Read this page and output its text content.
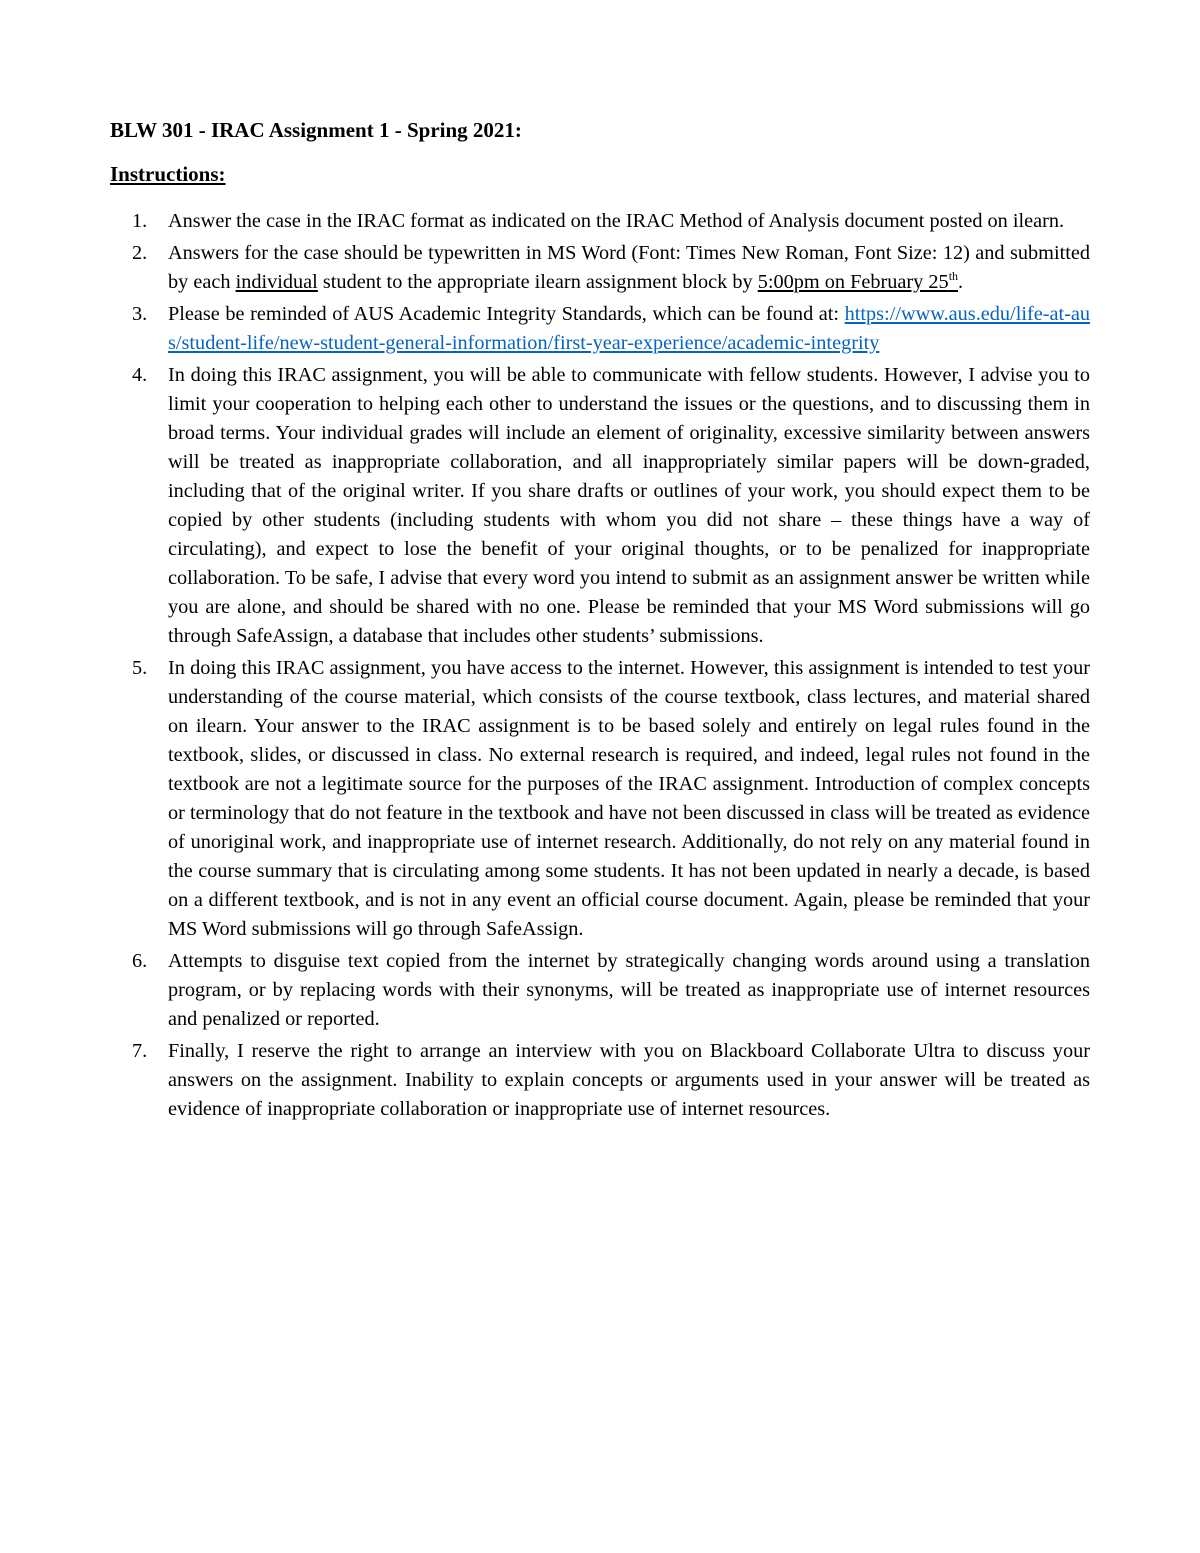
BLW 301 - IRAC Assignment 1 - Spring 2021:
Instructions:
1. Answer the case in the IRAC format as indicated on the IRAC Method of Analysis document posted on ilearn.
2. Answers for the case should be typewritten in MS Word (Font: Times New Roman, Font Size: 12) and submitted by each individual student to the appropriate ilearn assignment block by 5:00pm on February 25th.
3. Please be reminded of AUS Academic Integrity Standards, which can be found at: https://www.aus.edu/life-at-aus/student-life/new-student-general-information/first-year-experience/academic-integrity
4. In doing this IRAC assignment, you will be able to communicate with fellow students. However, I advise you to limit your cooperation to helping each other to understand the issues or the questions, and to discussing them in broad terms. Your individual grades will include an element of originality, excessive similarity between answers will be treated as inappropriate collaboration, and all inappropriately similar papers will be down-graded, including that of the original writer. If you share drafts or outlines of your work, you should expect them to be copied by other students (including students with whom you did not share – these things have a way of circulating), and expect to lose the benefit of your original thoughts, or to be penalized for inappropriate collaboration. To be safe, I advise that every word you intend to submit as an assignment answer be written while you are alone, and should be shared with no one. Please be reminded that your MS Word submissions will go through SafeAssign, a database that includes other students’ submissions.
5. In doing this IRAC assignment, you have access to the internet. However, this assignment is intended to test your understanding of the course material, which consists of the course textbook, class lectures, and material shared on ilearn. Your answer to the IRAC assignment is to be based solely and entirely on legal rules found in the textbook, slides, or discussed in class. No external research is required, and indeed, legal rules not found in the textbook are not a legitimate source for the purposes of the IRAC assignment. Introduction of complex concepts or terminology that do not feature in the textbook and have not been discussed in class will be treated as evidence of unoriginal work, and inappropriate use of internet research. Additionally, do not rely on any material found in the course summary that is circulating among some students. It has not been updated in nearly a decade, is based on a different textbook, and is not in any event an official course document. Again, please be reminded that your MS Word submissions will go through SafeAssign.
6. Attempts to disguise text copied from the internet by strategically changing words around using a translation program, or by replacing words with their synonyms, will be treated as inappropriate use of internet resources and penalized or reported.
7. Finally, I reserve the right to arrange an interview with you on Blackboard Collaborate Ultra to discuss your answers on the assignment. Inability to explain concepts or arguments used in your answer will be treated as evidence of inappropriate collaboration or inappropriate use of internet resources.
